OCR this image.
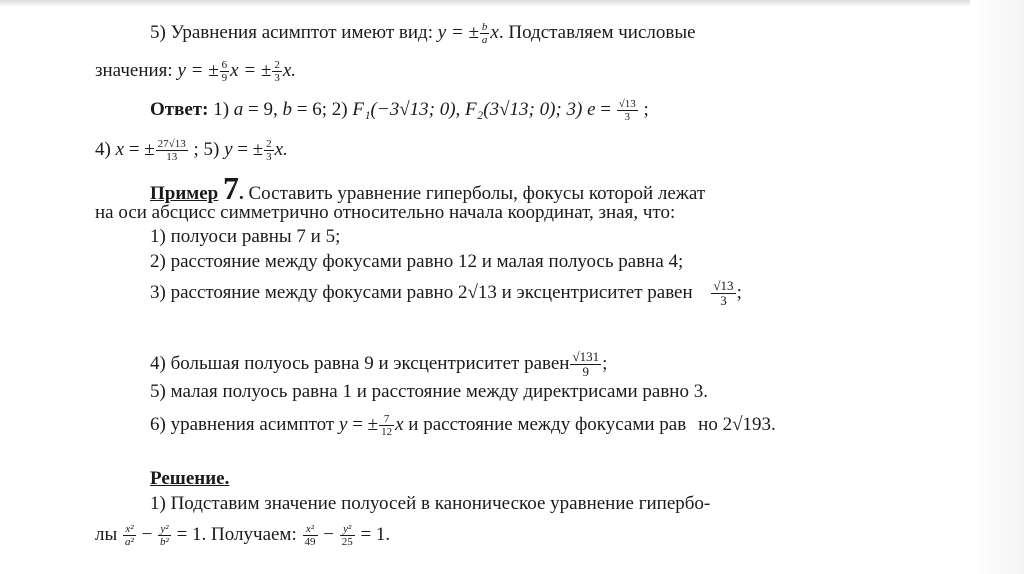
5) Уравнения асимптот имеют вид: y = ± $\frac{b}{a} x$. Подставляем числовые
значения: y = ± $\frac{6}{9}$ x = ± $\frac{2}{3} x$.
Ответ: 1) a = 9, b = 6; 2) F₁(−3√13; 0), F₂(3√13; 0); 3) $e = \frac{√13}{3}$ ;
4) x = ± $\frac{27√13}{13}$ ; 5) y = ± $\frac{2}{3} x$.
Пример 7. Составить уравнение гиперболы, фокусы которой лежат
на оси абсцисс симметрично относительно начала координат, зная, что:
1) полуоси равны 7 и 5;
2) расстояние между фокусами равно 12 и малая полуось равна 4;
3) расстояние между фокусами равно 2√13 и эксцентриситет равен $\frac{√13}{3}$ ;
4) большая полуось равна 9 и эксцентриситет равен $\frac{√131}{9}$ ;
5) малая полуось равна 1 и расстояние между директрисами равно 3.
6) уравнения асимптот y = ± $\frac{7}{12}$ x и расстояние между фокусами рав но 2√193.
Решение.
1) Подставим значение полуосей в каноническое уравнение гипербо-
лы $\frac{\text{x²}}{\text{a²}} - \frac{\text{y²}}{\text{b²}} = 1$. Получаем: $\frac{\text{x²}}{49} - \frac{\text{y²}}{25} = 1$.
